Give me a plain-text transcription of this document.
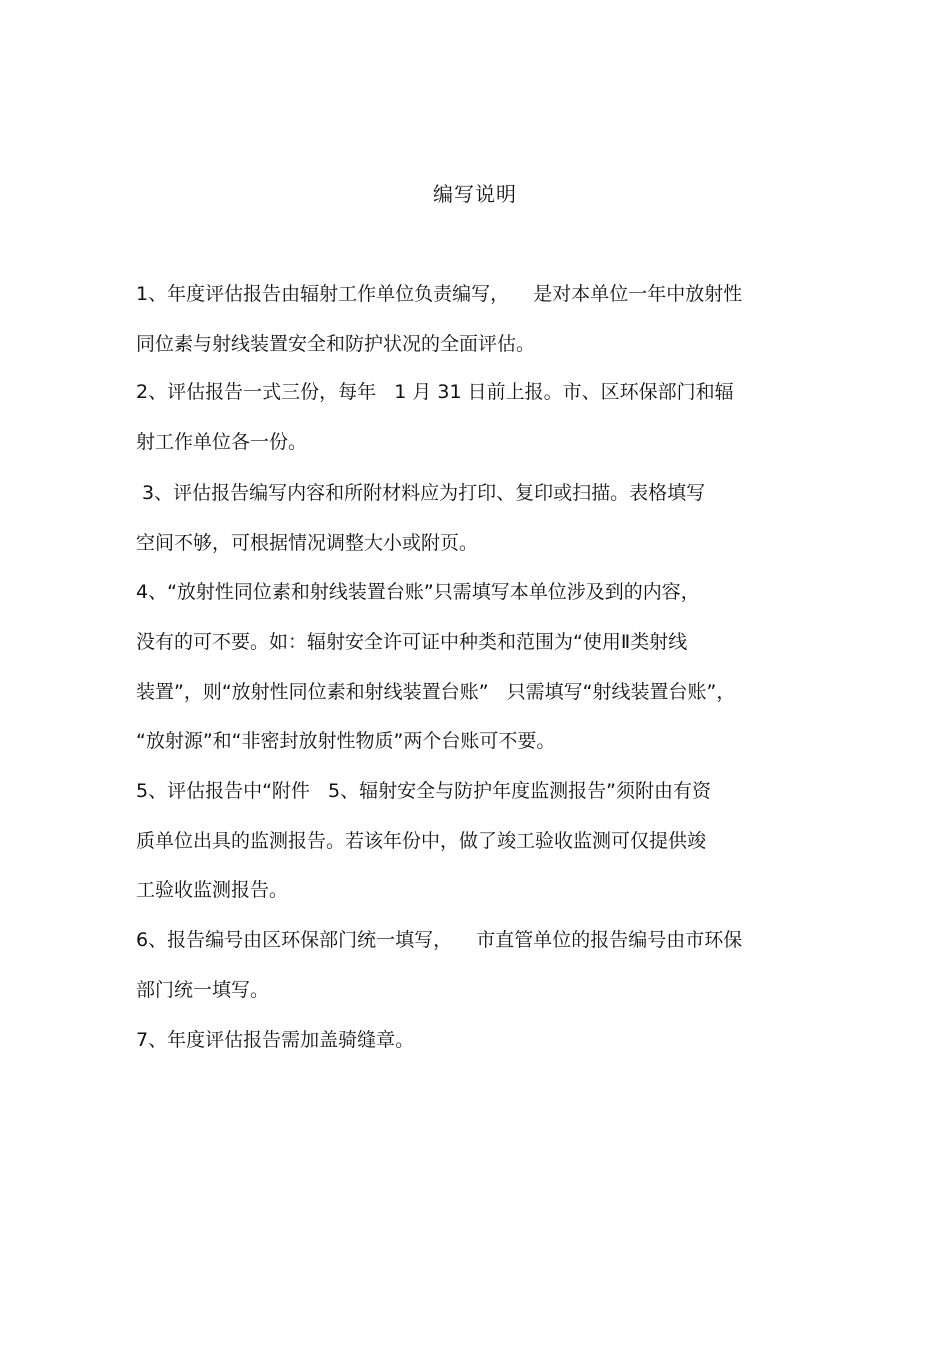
编写说明
1、年度评估报告由辐射工作单位负责编写，    是对本单位一年中放射性
同位素与射线装置安全和防护状况的全面评估。
2、评估报告一式三份，每年   1 月 31 日前上报。市、区环保部门和辐
射工作单位各一份。
3、评估报告编写内容和所附材料应为打印、复印或扫描。表格填写
空间不够，可根据情况调整大小或附页。
4、“放射性同位素和射线装置台账”只需填写本单位涉及到的内容，
没有的可不要。如：辐射安全许可证中种类和范围为“使用Ⅱ类射线
装置”，则“放射性同位素和射线装置台账”   只需填写“射线装置台账”，
“放射源”和“非密封放射性物质”两个台账可不要。
5、评估报告中“附件   5、辐射安全与防护年度监测报告”须附由有资
质单位出具的监测报告。若该年份中，做了竣工验收监测可仅提供竣
工验收监测报告。
6、报告编号由区环保部门统一填写，    市直管单位的报告编号由市环保
部门统一填写。
7、年度评估报告需加盖骑缝章。
